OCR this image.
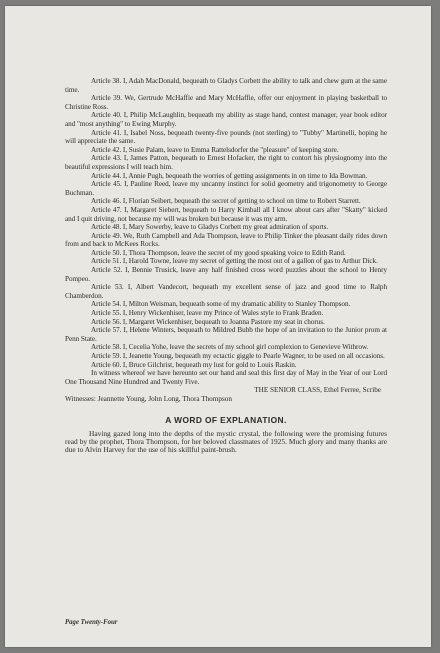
Article 38. I, Adah MacDonald, bequeath to Gladys Corbett the ability to talk and chew gum at the same time.

Article 39. We, Gertrude McHaffie and Mary McHaffie, offer our enjoyment in playing basketball to Christine Ross.

Article 40. I, Philip McLaughlin, bequeath my ability as stage hand, contest manager, year book editor and "most anything" to Ewing Murphy.

Article 41. I, Isabel Noss, bequeath twenty-five pounds (not sterling) to "Tubby" Martinelli, hoping he will appreciate the same.

Article 42. I, Susie Palam, leave to Emma Rattelsdorfer the "pleasure" of keeping store.

Article 43. I, James Patton, bequeath to Ernest Hofacker, the right to contort his physiognomy into the beautiful expressions I will teach him.

Article 44. I, Annie Pugh, bequeath the worries of getting assignments in on time to Ida Bowman.

Article 45. I, Pauline Reed, leave my uncanny instinct for solid geometry and trigonometry to George Buchman.

Article 46. I, Florian Seibert, bequeath the secret of getting to school on time to Robert Starrett.

Article 47. I, Margaret Siebert, bequeath to Harry Kimball all I know about cars after "Skatty" kicked and I quit driving, not because my will was broken but because it was my arm.

Article 48. I, Mary Sowerby, leave to Gladys Corbett my great admiration of sports.

Article 49. We, Ruth Campbell and Ada Thompson, leave to Philip Tinker the pleasant daily rides down from and back to McKees Rocks.

Article 50. I, Thora Thompson, leave the secret of my good speaking voice to Edith Rand.

Article 51. I, Harold Towne, leave my secret of getting the most out of a gallon of gas to Arthur Dick.

Article 52. I, Bennie Trusick, leave any half finished cross word puzzles about the school to Henry Pompeo.

Article 53. I, Albert Vandecort, bequeath my excellent sense of jazz and good time to Ralph Chamberdon.

Article 54. I, Milton Weisman, bequeath some of my dramatic ability to Stanley Thompson.

Article 55. I, Henry Wickenhiser, leave my Prince of Wales style to Frank Braden.

Article 56. I, Margaret Wickenhiser, bequeath to Joanna Pastore my seat in chorus.

Article 57. I, Helene Winters, bequeath to Mildred Bubb the hope of an invitation to the Junior prom at Penn State.

Article 58. I, Cecelia Yohe, leave the secrets of my school girl complexion to Genevieve Withrow.

Article 59. I, Jeanette Young, bequeath my ectactic giggle to Pearle Wagner, to be used on all occasions.

Article 60. I, Bruce Gilchrist, bequeath my lust for gold to Louis Raskin.

In witness whereof we have hereunto set our hand and seal this first day of May in the Year of our Lord One Thousand Nine Hundred and Twenty Five.

THE SENIOR CLASS, Ethel Ferree, Scribe

Witnesses: Jeannette Young, John Long, Thora Thompson

A WORD OF EXPLANATION.

Having gazed long into the depths of the mystic crystal, the following were the promising futures read by the prophet, Thora Thompson, for her beloved classmates of 1925. Much glory and many thanks are due to Alvin Harvey for the use of his skillful paint-brush.

Page Twenty-Four
